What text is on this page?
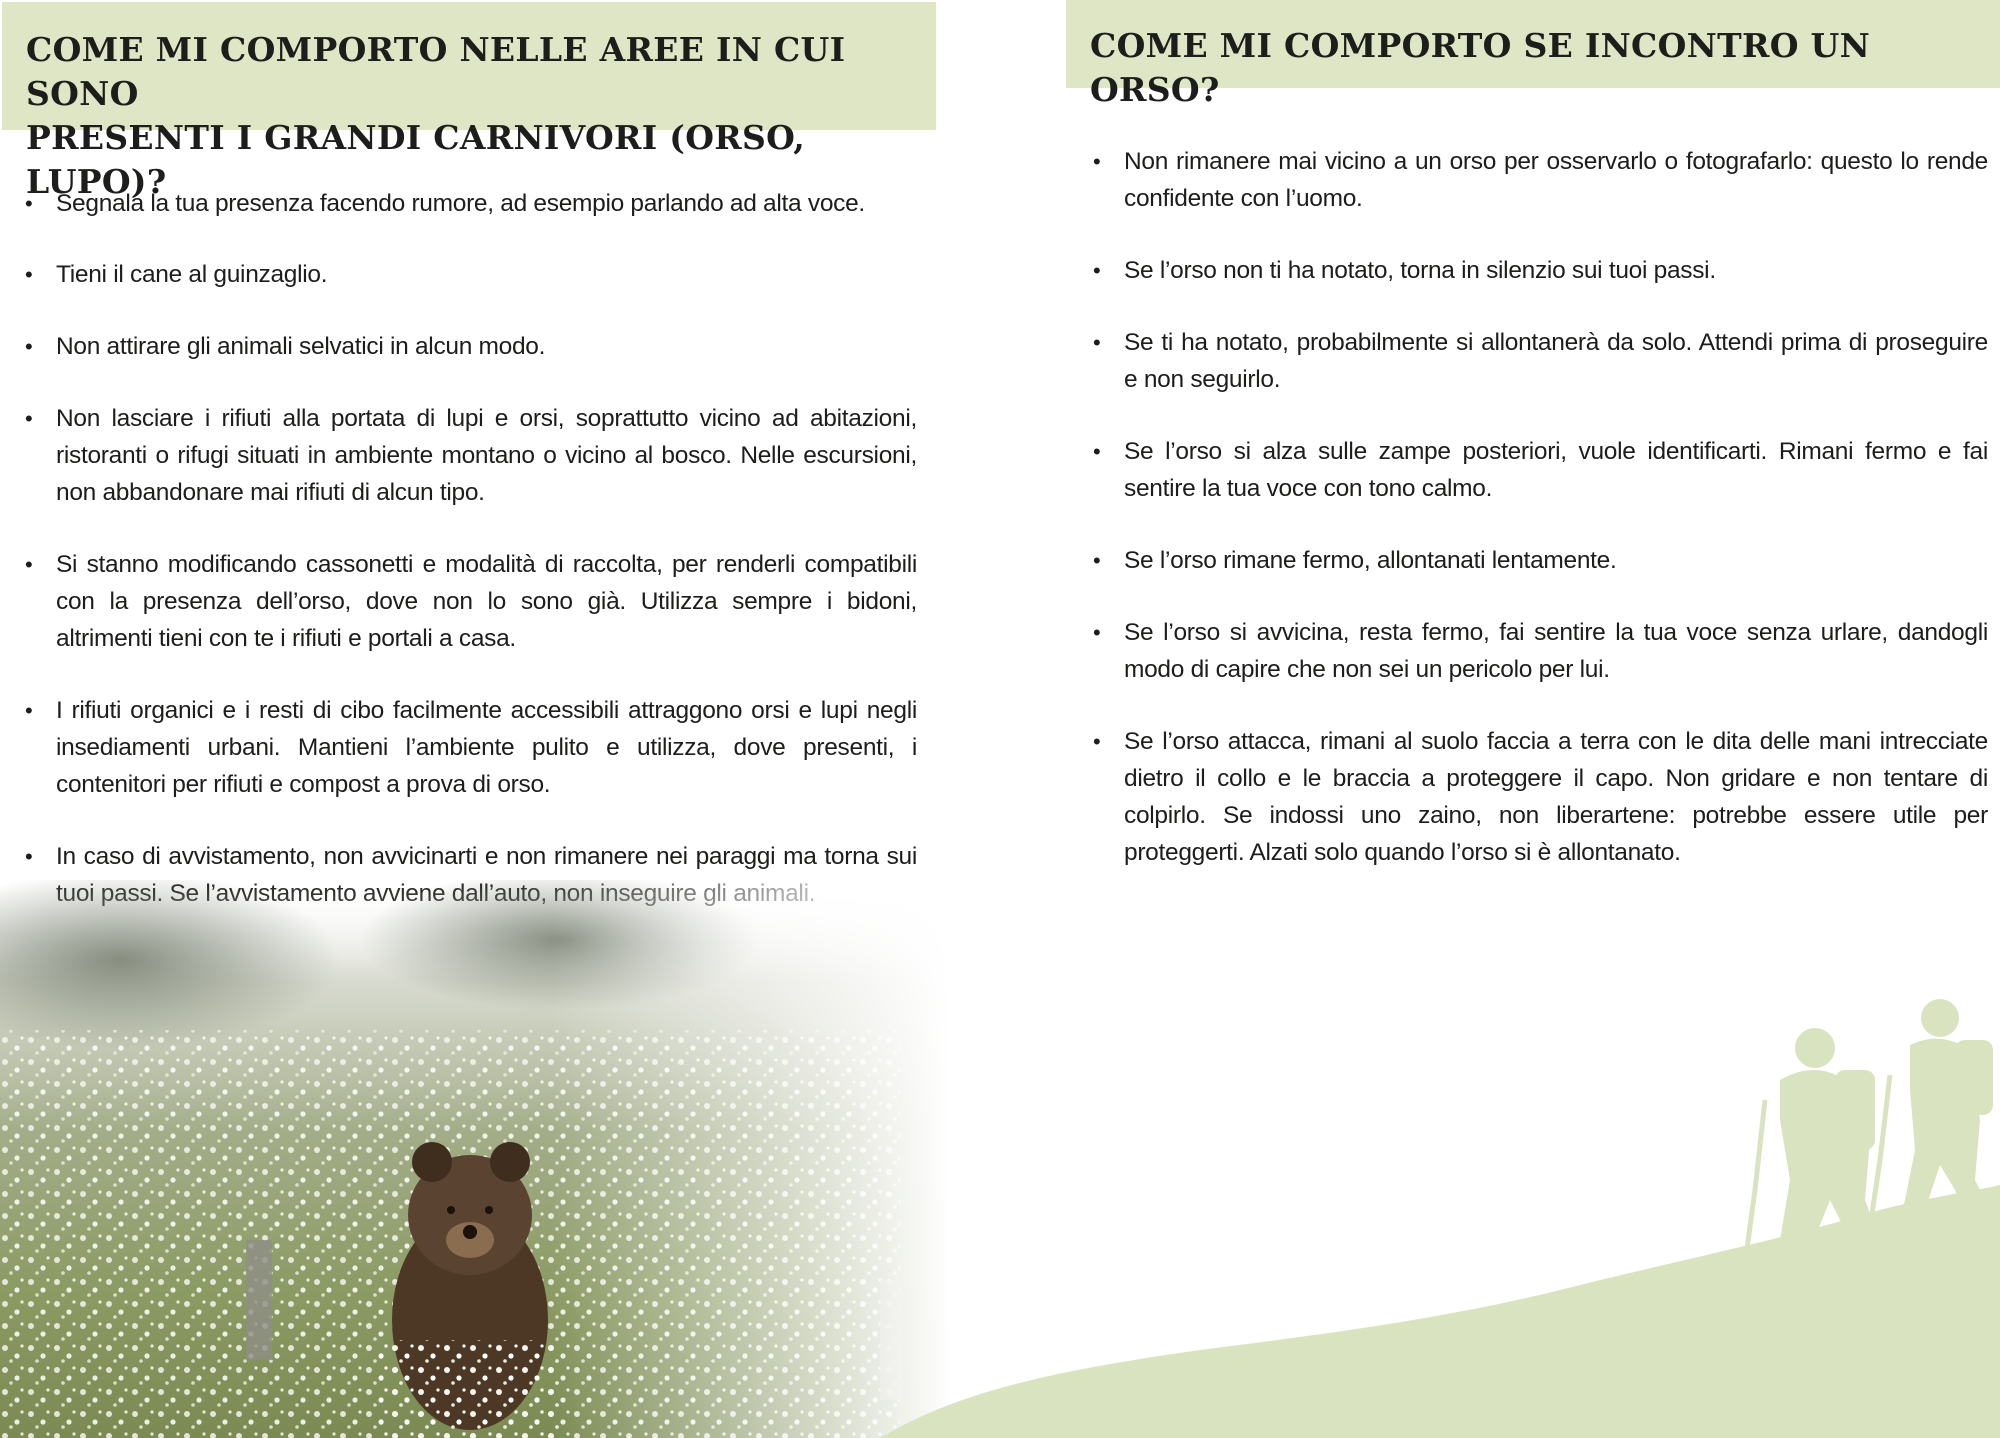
COME MI COMPORTO NELLE AREE IN CUI SONO
PRESENTI I GRANDI CARNIVORI (ORSO, LUPO)?
COME MI COMPORTO SE INCONTRO UN ORSO?
• Segnala la tua presenza facendo rumore, ad esempio parlando ad alta voce.
• Tieni il cane al guinzaglio.
• Non attirare gli animali selvatici in alcun modo.
• Non lasciare i rifiuti alla portata di lupi e orsi, soprattutto vicino ad abitazioni, ristoranti o rifugi situati in ambiente montano o vicino al bosco. Nelle escursioni, non abbandonare mai rifiuti di alcun tipo.
• Si stanno modificando cassonetti e modalità di raccolta, per renderli compatibili con la presenza dell’orso, dove non lo sono già. Utilizza sempre i bidoni, altrimenti tieni con te i rifiuti e portali a casa.
• I rifiuti organici e i resti di cibo facilmente accessibili attraggono orsi e lupi negli insediamenti urbani. Mantieni l’ambiente pulito e utilizza, dove presenti, i contenitori per rifiuti e compost a prova di orso.
• In caso di avvistamento, non avvicinarti e non rimanere nei paraggi ma torna sui
• Non rimanere mai vicino a un orso per osservarlo o fotografarlo: questo lo rende confidente con l’uomo.
• Se l’orso non ti ha notato, torna in silenzio sui tuoi passi.
• Se ti ha notato, probabilmente si allontanerà da solo. Attendi prima di proseguire e non seguirlo.
• Se l’orso si alza sulle zampe posteriori, vuole identificarti. Rimani fermo e fai sentire la tua voce con tono calmo.
• Se l’orso rimane fermo, allontanati lentamente.
• Se l’orso si avvicina, resta fermo, fai sentire la tua voce senza urlare, dandogli modo di capire che non sei un pericolo per lui.
• Se l’orso attacca, rimani al suolo faccia a terra con le dita delle mani intrecciate dietro il collo e le braccia a proteggere il capo. Non gridare e non tentare di colpirlo. Se indossi uno zaino, non liberartene: potrebbe essere utile per proteggerti. Alzati solo quando l’orso si è allontanato.
